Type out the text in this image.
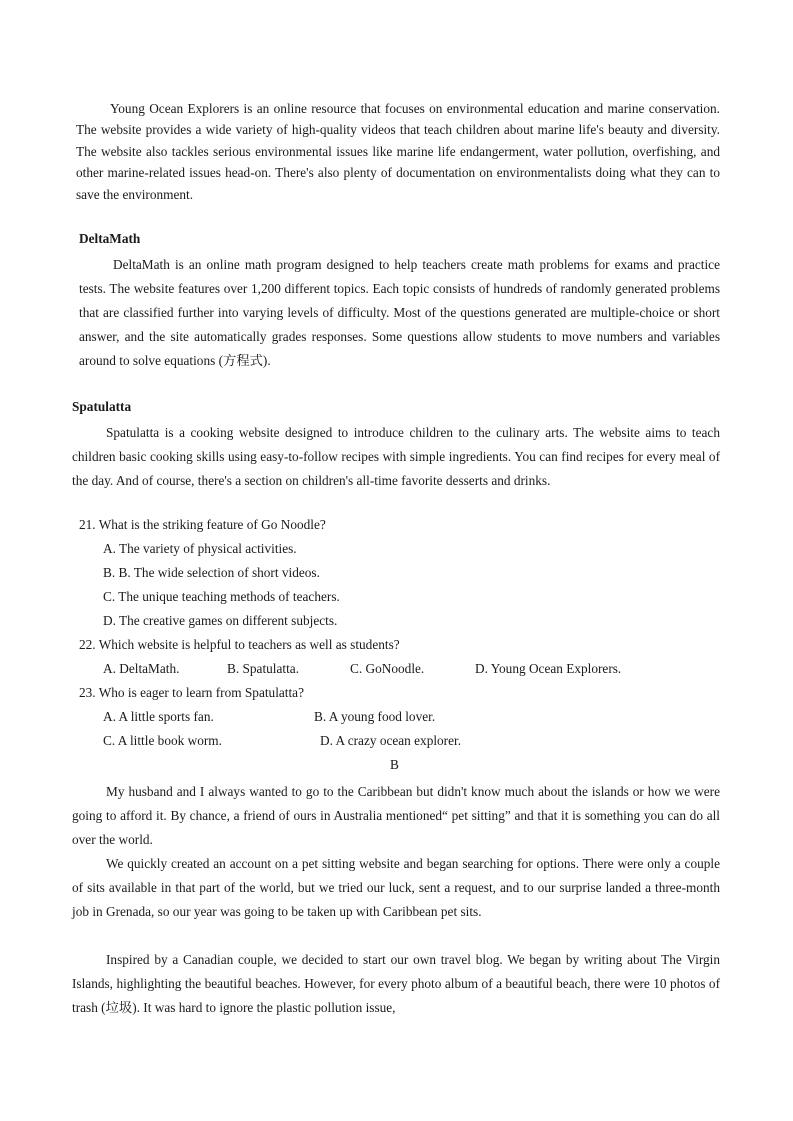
Young Ocean Explorers is an online resource that focuses on environmental education and marine conservation. The website provides a wide variety of high-quality videos that teach children about marine life's beauty and diversity. The website also tackles serious environmental issues like marine life endangerment, water pollution, overfishing, and other marine-related issues head-on. There's also plenty of documentation on environmentalists doing what they can to save the environment.

DeltaMath

DeltaMath is an online math program designed to help teachers create math problems for exams and practice tests. The website features over 1,200 different topics. Each topic consists of hundreds of randomly generated problems that are classified further into varying levels of difficulty. Most of the questions generated are multiple-choice or short answer, and the site automatically grades responses. Some questions allow students to move numbers and variables around to solve equations (方程式).

Spatulatta

Spatulatta is a cooking website designed to introduce children to the culinary arts. The website aims to teach children basic cooking skills using easy-to-follow recipes with simple ingredients. You can find recipes for every meal of the day. And of course, there's a section on children's all-time favorite desserts and drinks.

21. What is the striking feature of Go Noodle?

A. The variety of physical activities.

B. B. The wide selection of short videos.

C. The unique teaching methods of teachers.

D. The creative games on different subjects.

22. Which website is helpful to teachers as well as students?

A. DeltaMath.	B. Spatulatta.	C. GoNoodle.	D. Young Ocean Explorers.

23. Who is eager to learn from Spatulatta?

A. A little sports fan.	B. A young food lover.

C. A little book worm.	D. A crazy ocean explorer.

B

My husband and I always wanted to go to the Caribbean but didn't know much about the islands or how we were going to afford it. By chance, a friend of ours in Australia mentioned“ pet sitting” and that it is something you can do all over the world.

We quickly created an account on a pet sitting website and began searching for options. There were only a couple of sits available in that part of the world, but we tried our luck, sent a request, and to our surprise landed a three-month job in Grenada, so our year was going to be taken up with Caribbean pet sits.

Inspired by a Canadian couple, we decided to start our own travel blog. We began by writing about The Virgin Islands, highlighting the beautiful beaches. However, for every photo album of a beautiful beach, there were 10 photos of trash (垃圾). It was hard to ignore the plastic pollution issue,
